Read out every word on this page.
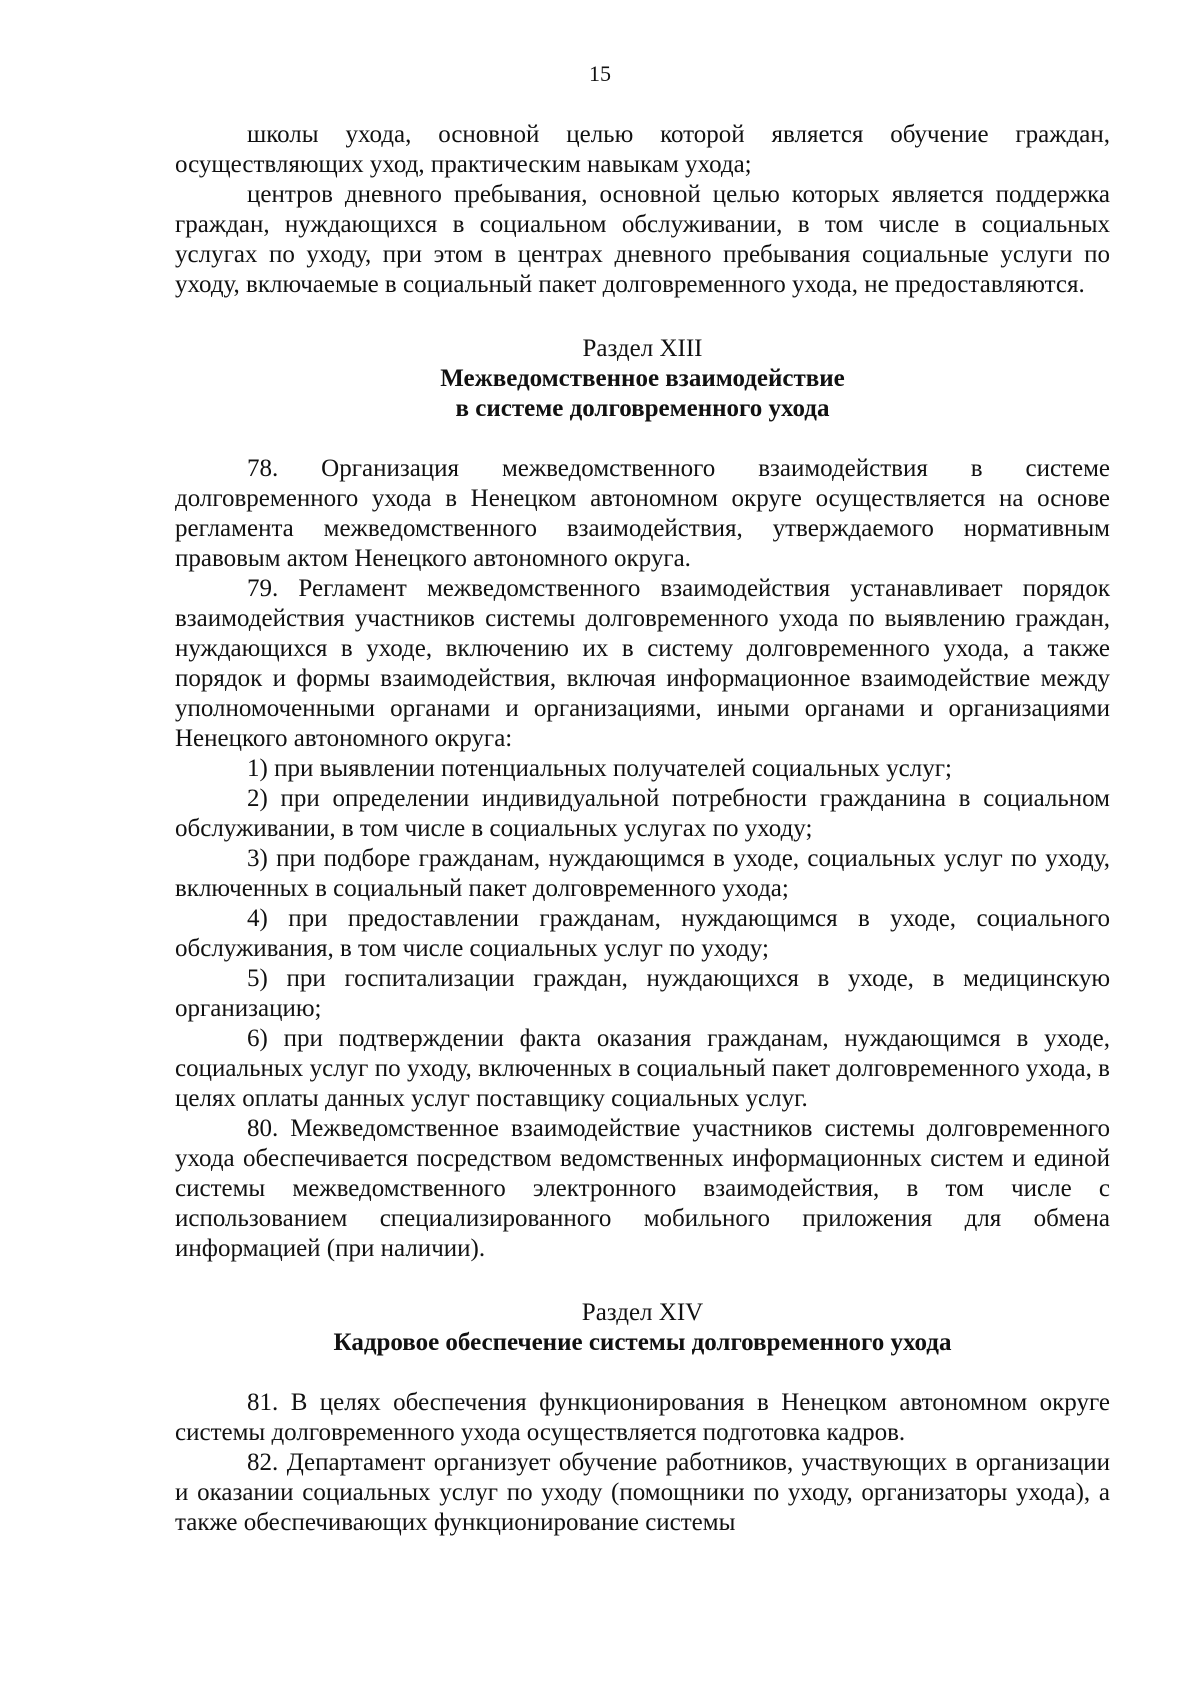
15

школы ухода, основной целью которой является обучение граждан, осуществляющих уход, практическим навыкам ухода;

центров дневного пребывания, основной целью которых является поддержка граждан, нуждающихся в социальном обслуживании, в том числе в социальных услугах по уходу, при этом в центрах дневного пребывания социальные услуги по уходу, включаемые в социальный пакет долговременного ухода, не предоставляются.

Раздел XIII
Межведомственное взаимодействие
в системе долговременного ухода

78. Организация межведомственного взаимодействия в системе долговременного ухода в Ненецком автономном округе осуществляется на основе регламента межведомственного взаимодействия, утверждаемого нормативным правовым актом Ненецкого автономного округа.

79. Регламент межведомственного взаимодействия устанавливает порядок взаимодействия участников системы долговременного ухода по выявлению граждан, нуждающихся в уходе, включению их в систему долговременного ухода, а также порядок и формы взаимодействия, включая информационное взаимодействие между уполномоченными органами и организациями, иными органами и организациями Ненецкого автономного округа:

1) при выявлении потенциальных получателей социальных услуг;

2) при определении индивидуальной потребности гражданина в социальном обслуживании, в том числе в социальных услугах по уходу;

3) при подборе гражданам, нуждающимся в уходе, социальных услуг по уходу, включенных в социальный пакет долговременного ухода;

4) при предоставлении гражданам, нуждающимся в уходе, социального обслуживания, в том числе социальных услуг по уходу;

5) при госпитализации граждан, нуждающихся в уходе, в медицинскую организацию;

6) при подтверждении факта оказания гражданам, нуждающимся в уходе, социальных услуг по уходу, включенных в социальный пакет долговременного ухода, в целях оплаты данных услуг поставщику социальных услуг.

80. Межведомственное взаимодействие участников системы долговременного ухода обеспечивается посредством ведомственных информационных систем и единой системы межведомственного электронного взаимодействия, в том числе с использованием специализированного мобильного приложения для обмена информацией (при наличии).

Раздел XIV
Кадровое обеспечение системы долговременного ухода

81. В целях обеспечения функционирования в Ненецком автономном округе системы долговременного ухода осуществляется подготовка кадров.

82. Департамент организует обучение работников, участвующих в организации и оказании социальных услуг по уходу (помощники по уходу, организаторы ухода), а также обеспечивающих функционирование системы
